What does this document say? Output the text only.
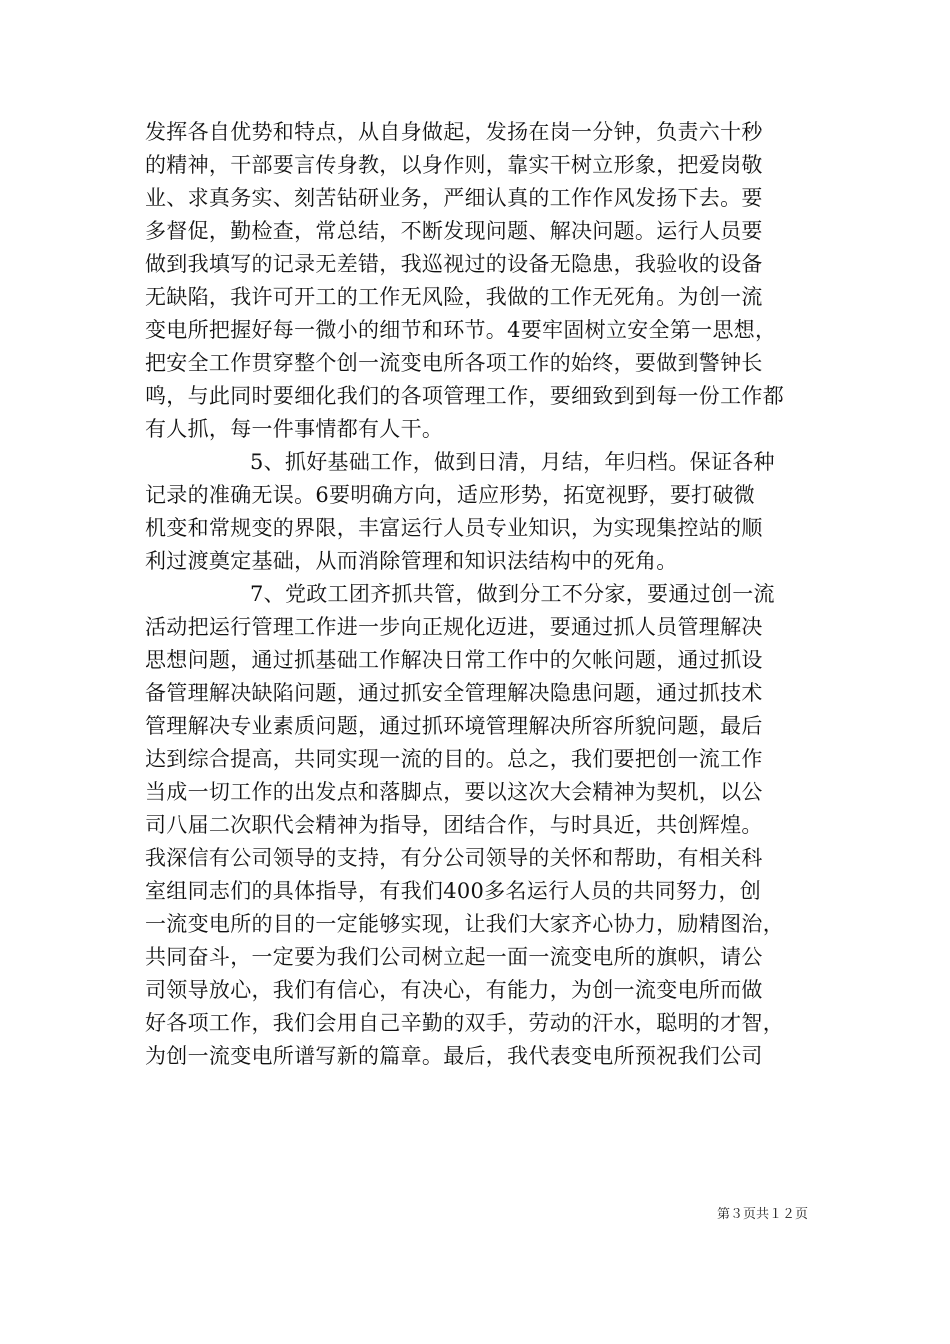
发挥各自优势和特点，从自身做起，发扬在岗一分钟，负责六十秒
的精神，干部要言传身教，以身作则，靠实干树立形象，把爱岗敬
业、求真务实、刻苦钻研业务，严细认真的工作作风发扬下去。要
多督促，勤检查，常总结，不断发现问题、解决问题。运行人员要
做到我填写的记录无差错，我巡视过的设备无隐患，我验收的设备
无缺陷，我许可开工的工作无风险，我做的工作无死角。为创一流
变电所把握好每一微小的细节和环节。4要牢固树立安全第一思想，
把安全工作贯穿整个创一流变电所各项工作的始终，要做到警钟长
鸣，与此同时要细化我们的各项管理工作，要细致到到每一份工作都
有人抓，每一件事情都有人干。
5、抓好基础工作，做到日清，月结，年归档。保证各种
记录的准确无误。6要明确方向，适应形势，拓宽视野，要打破微
机变和常规变的界限，丰富运行人员专业知识，为实现集控站的顺
利过渡奠定基础，从而消除管理和知识法结构中的死角。
7、党政工团齐抓共管，做到分工不分家，要通过创一流
活动把运行管理工作进一步向正规化迈进，要通过抓人员管理解决
思想问题，通过抓基础工作解决日常工作中的欠帐问题，通过抓设
备管理解决缺陷问题，通过抓安全管理解决隐患问题，通过抓技术
管理解决专业素质问题，通过抓环境管理解决所容所貌问题，最后
达到综合提高，共同实现一流的目的。总之，我们要把创一流工作
当成一切工作的出发点和落脚点，要以这次大会精神为契机，以公
司八届二次职代会精神为指导，团结合作，与时具近，共创辉煌。
我深信有公司领导的支持，有分公司领导的关怀和帮助，有相关科
室组同志们的具体指导，有我们400多名运行人员的共同努力，创
一流变电所的目的一定能够实现，让我们大家齐心协力，励精图治，
共同奋斗，一定要为我们公司树立起一面一流变电所的旗帜，请公
司领导放心，我们有信心，有决心，有能力，为创一流变电所而做
好各项工作，我们会用自己辛勤的双手，劳动的汗水，聪明的才智，
为创一流变电所谱写新的篇章。最后，我代表变电所预祝我们公司
第３页共１２页
